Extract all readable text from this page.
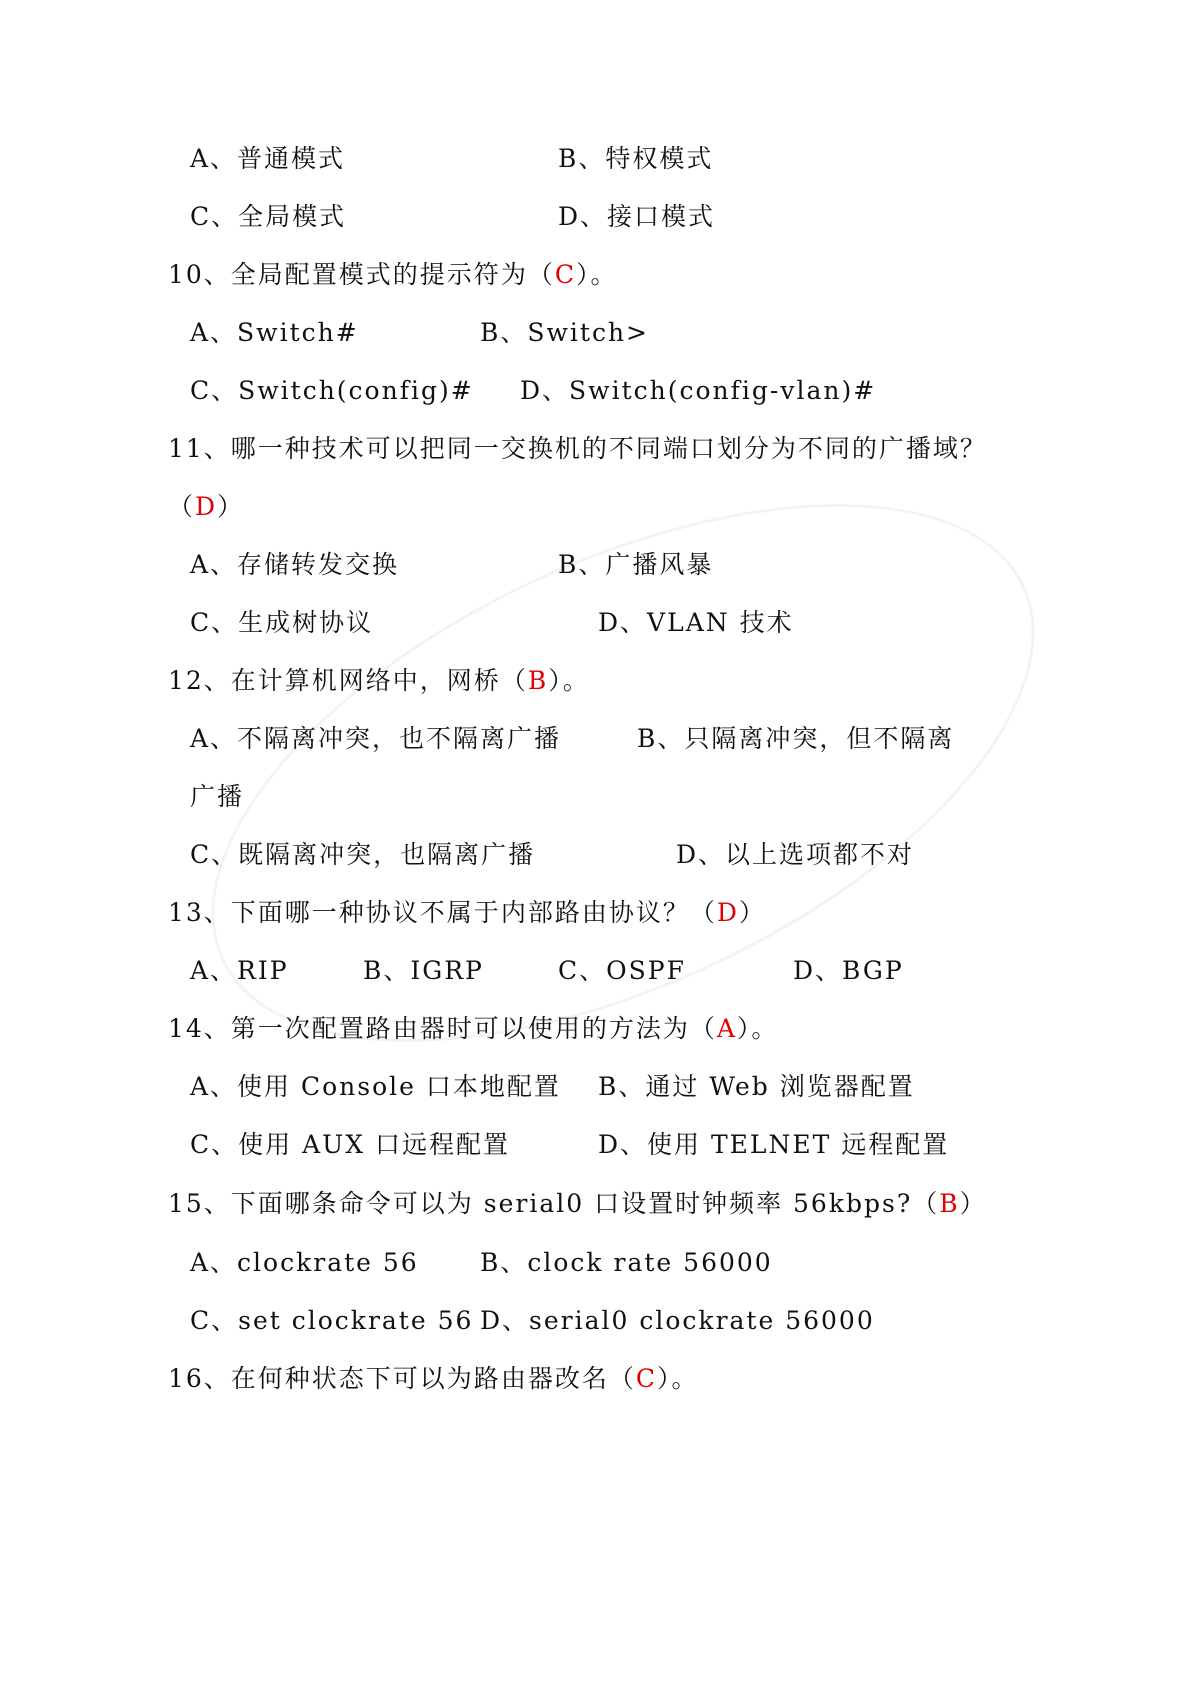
A、普通模式	B、特权模式
C、全局模式	D、接口模式
10、全局配置模式的提示符为（C）。
A、Switch#	B、Switch>
C、Switch(config)# D、Switch(config-vlan)#
11、哪一种技术可以把同一交换机的不同端口划分为不同的广播域？
（D）
A、存储转发交换	B、广播风暴
C、生成树协议	D、VLAN 技术
12、在计算机网络中，网桥（B）。
A、不隔离冲突，也不隔离广播	B、只隔离冲突，但不隔离
广播
C、既隔离冲突，也隔离广播	D、以上选项都不对
13、下面哪一种协议不属于内部路由协议？（D）
A、RIP	B、IGRP	C、OSPF	D、BGP
14、第一次配置路由器时可以使用的方法为（A）。
A、使用 Console 口本地配置 B、通过 Web 浏览器配置
C、使用 AUX 口远程配置	D、使用 TELNET 远程配置
15、下面哪条命令可以为 serial0 口设置时钟频率 56kbps?（B）
A、clockrate 56 B、clock rate 56000
C、set clockrate 56 D、serial0 clockrate 56000
16、在何种状态下可以为路由器改名（C）。
